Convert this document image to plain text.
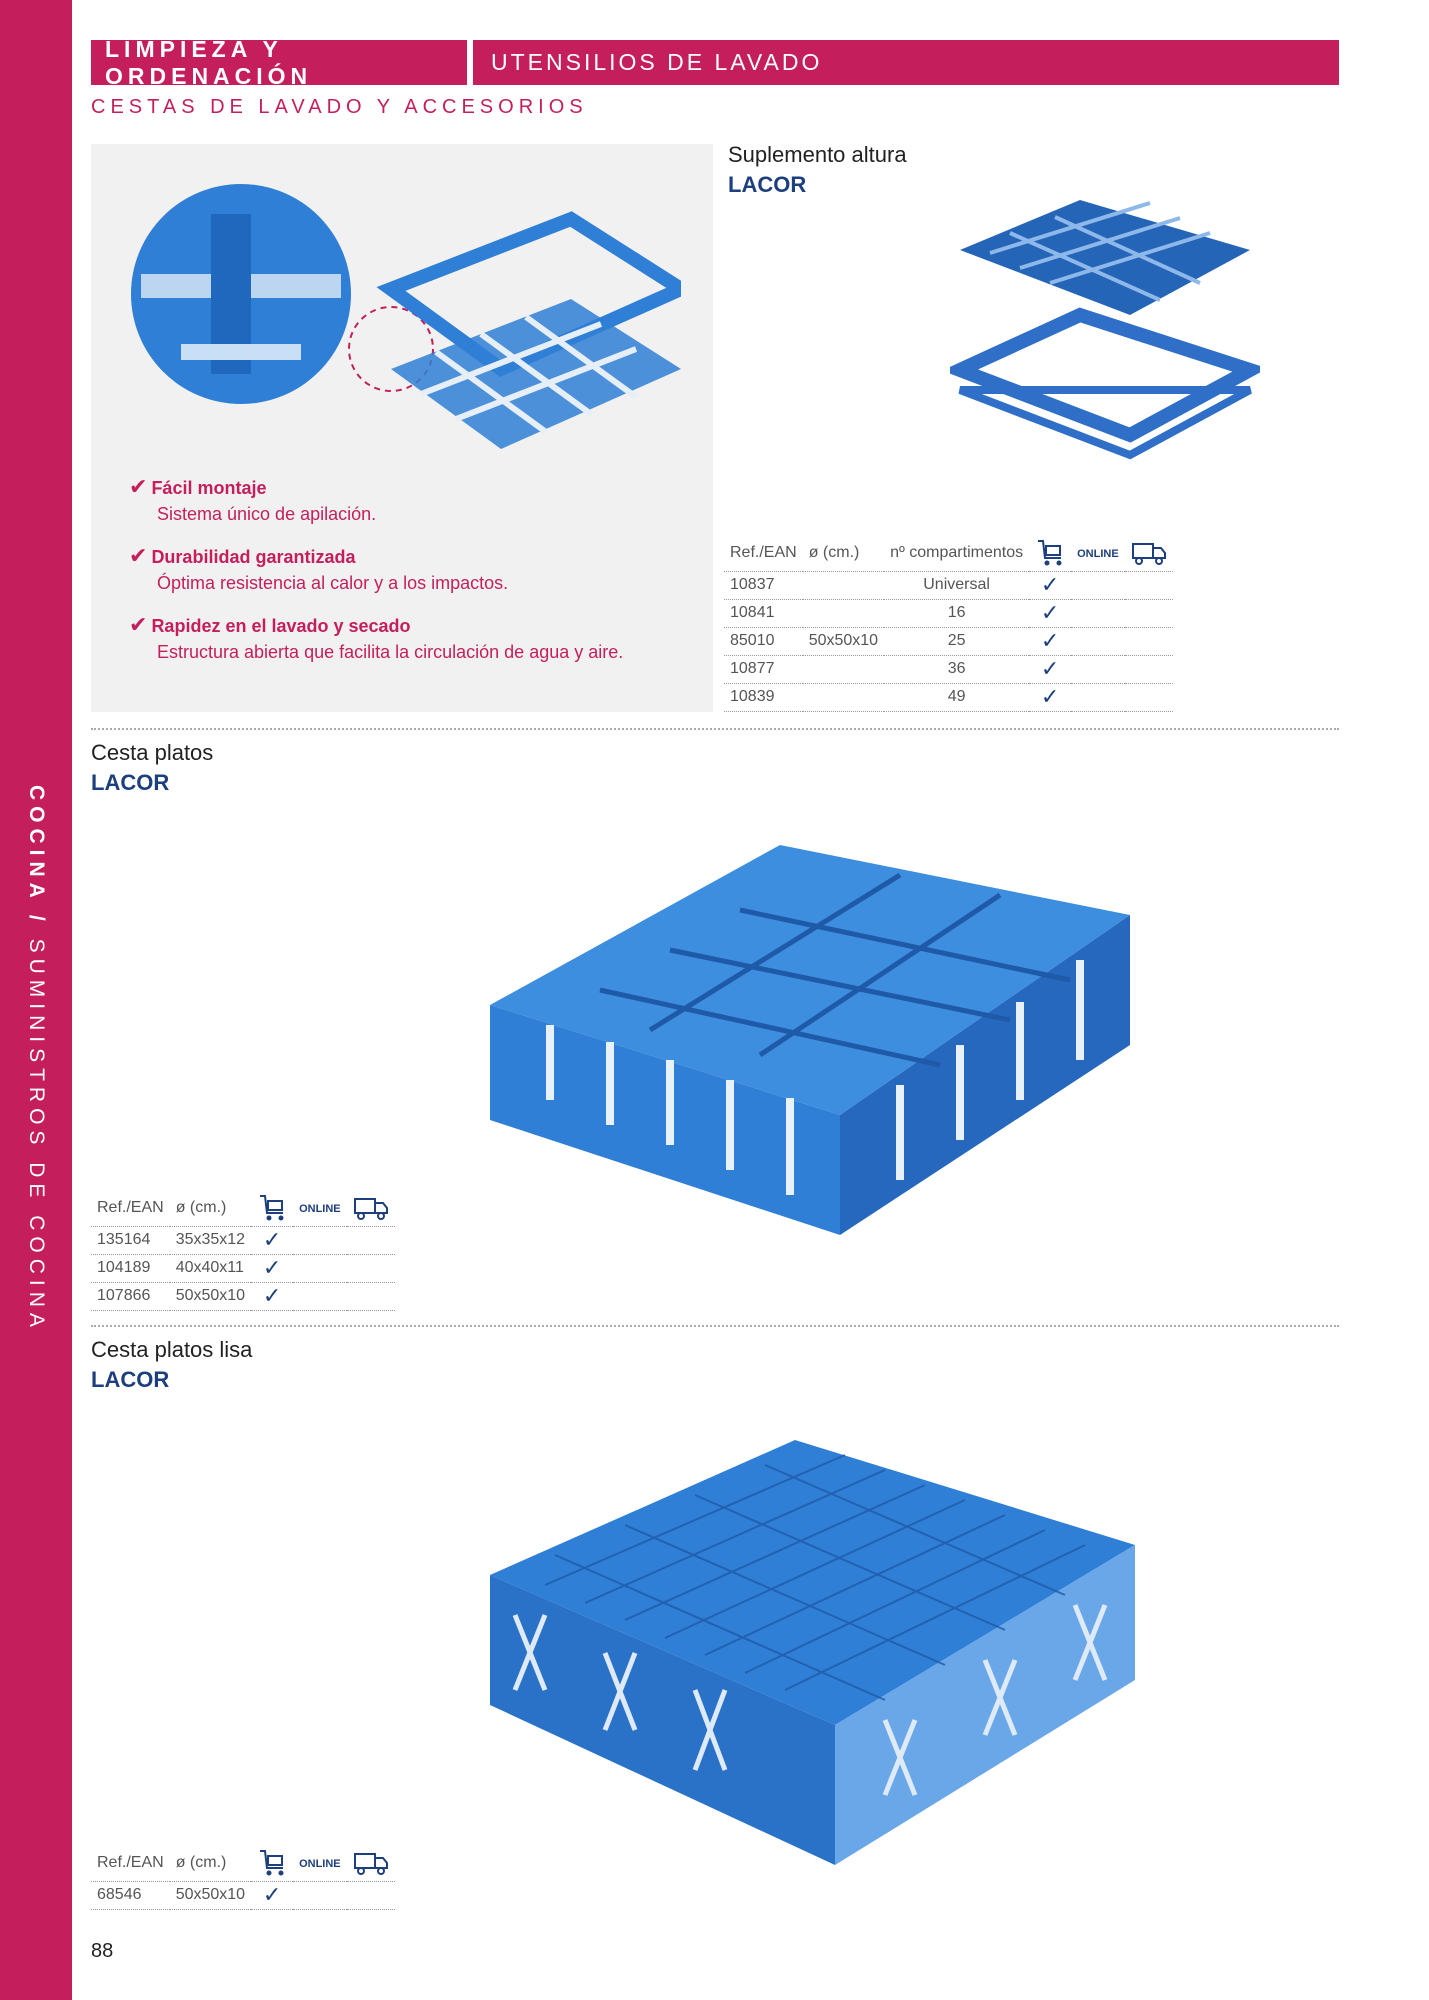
COCINA / SUMINISTROS DE COCINA
LIMPIEZA Y ORDENACIÓN
UTENSILIOS DE LAVADO
CESTAS DE LAVADO Y ACCESORIOS
✔ Fácil montaje
Sistema único de apilación.
✔ Durabilidad garantizada
Óptima resistencia al calor y a los impactos.
✔ Rapidez en el lavado y secado
Estructura abierta que facilita la circulación de agua y aire.
Suplemento altura
LACOR
Ref./EAN	ø (cm.)	nº compartimentos		ONLINE	
10837		Universal	✓		
10841		16	✓		
85010	50x50x10	25	✓		
10877		36	✓		
10839		49	✓		
Cesta platos
LACOR
Ref./EAN	ø (cm.)		ONLINE	
135164	35x35x12	✓		
104189	40x40x11	✓		
107866	50x50x10	✓		
Cesta platos lisa
LACOR
Ref./EAN	ø (cm.)		ONLINE	
68546	50x50x10	✓		
88
